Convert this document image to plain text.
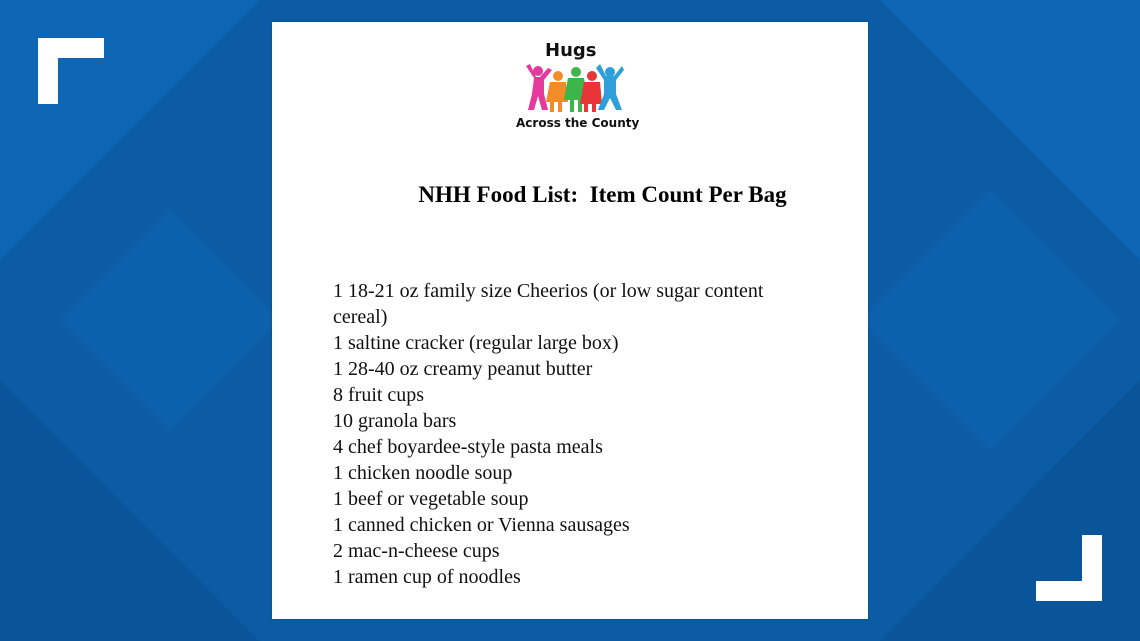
Hugs

Across the County

NHH Food List:  Item Count Per Bag
1 18-21 oz family size Cheerios (or low sugar content cereal)
1 saltine cracker (regular large box)
1 28-40 oz creamy peanut butter
8 fruit cups
10 granola bars
4 chef boyardee-style pasta meals
1 chicken noodle soup
1 beef or vegetable soup
1 canned chicken or Vienna sausages
2 mac-n-cheese cups
1 ramen cup of noodles
